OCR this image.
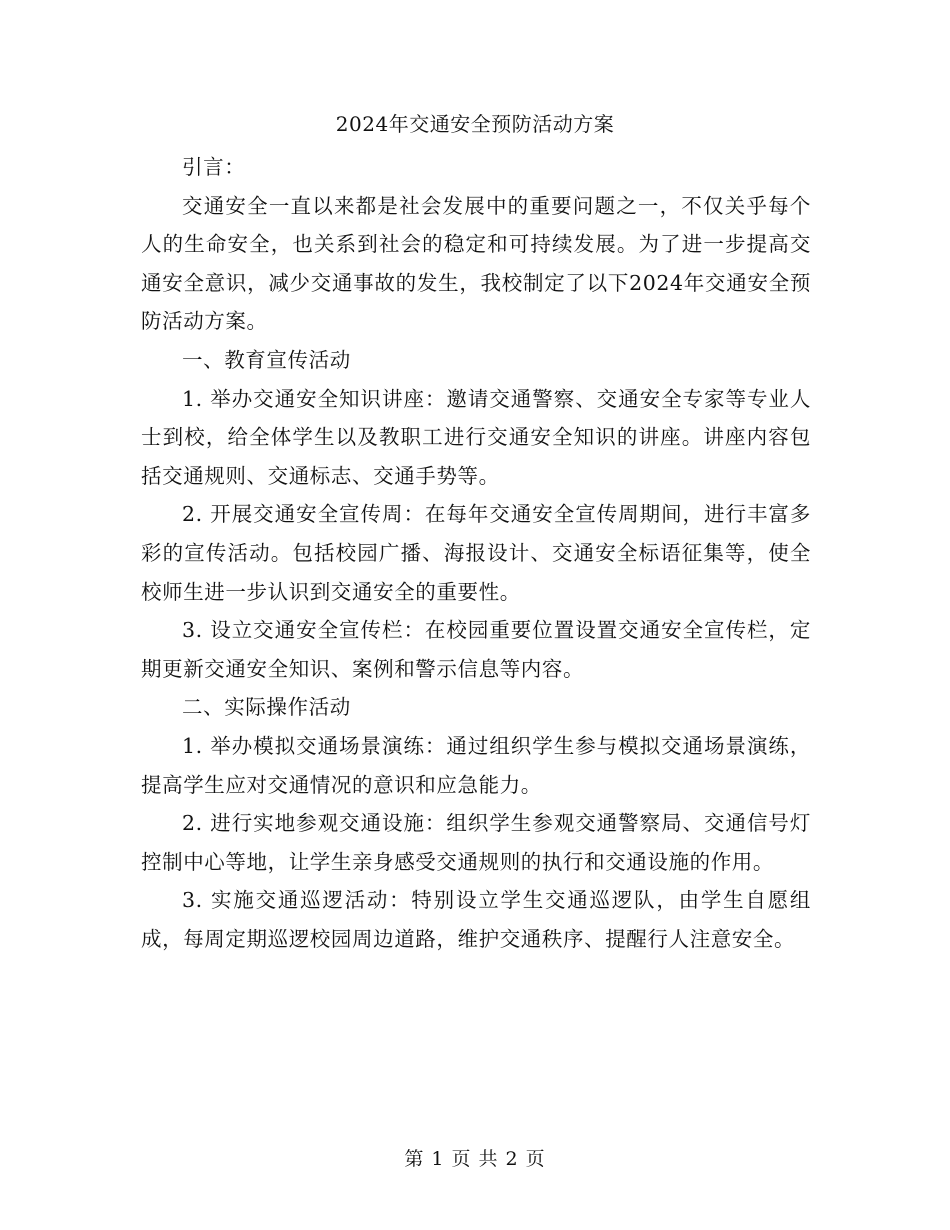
2024年交通安全预防活动方案

引言：

交通安全一直以来都是社会发展中的重要问题之一，不仅关乎每个人的生命安全，也关系到社会的稳定和可持续发展。为了进一步提高交通安全意识，减少交通事故的发生，我校制定了以下2024年交通安全预防活动方案。

一、教育宣传活动

1. 举办交通安全知识讲座：邀请交通警察、交通安全专家等专业人士到校，给全体学生以及教职工进行交通安全知识的讲座。讲座内容包括交通规则、交通标志、交通手势等。

2. 开展交通安全宣传周：在每年交通安全宣传周期间，进行丰富多彩的宣传活动。包括校园广播、海报设计、交通安全标语征集等，使全校师生进一步认识到交通安全的重要性。

3. 设立交通安全宣传栏：在校园重要位置设置交通安全宣传栏，定期更新交通安全知识、案例和警示信息等内容。

二、实际操作活动

1. 举办模拟交通场景演练：通过组织学生参与模拟交通场景演练，提高学生应对交通情况的意识和应急能力。

2. 进行实地参观交通设施：组织学生参观交通警察局、交通信号灯控制中心等地，让学生亲身感受交通规则的执行和交通设施的作用。

3. 实施交通巡逻活动：特别设立学生交通巡逻队，由学生自愿组成，每周定期巡逻校园周边道路，维护交通秩序、提醒行人注意安全。

第 1 页 共 2 页
